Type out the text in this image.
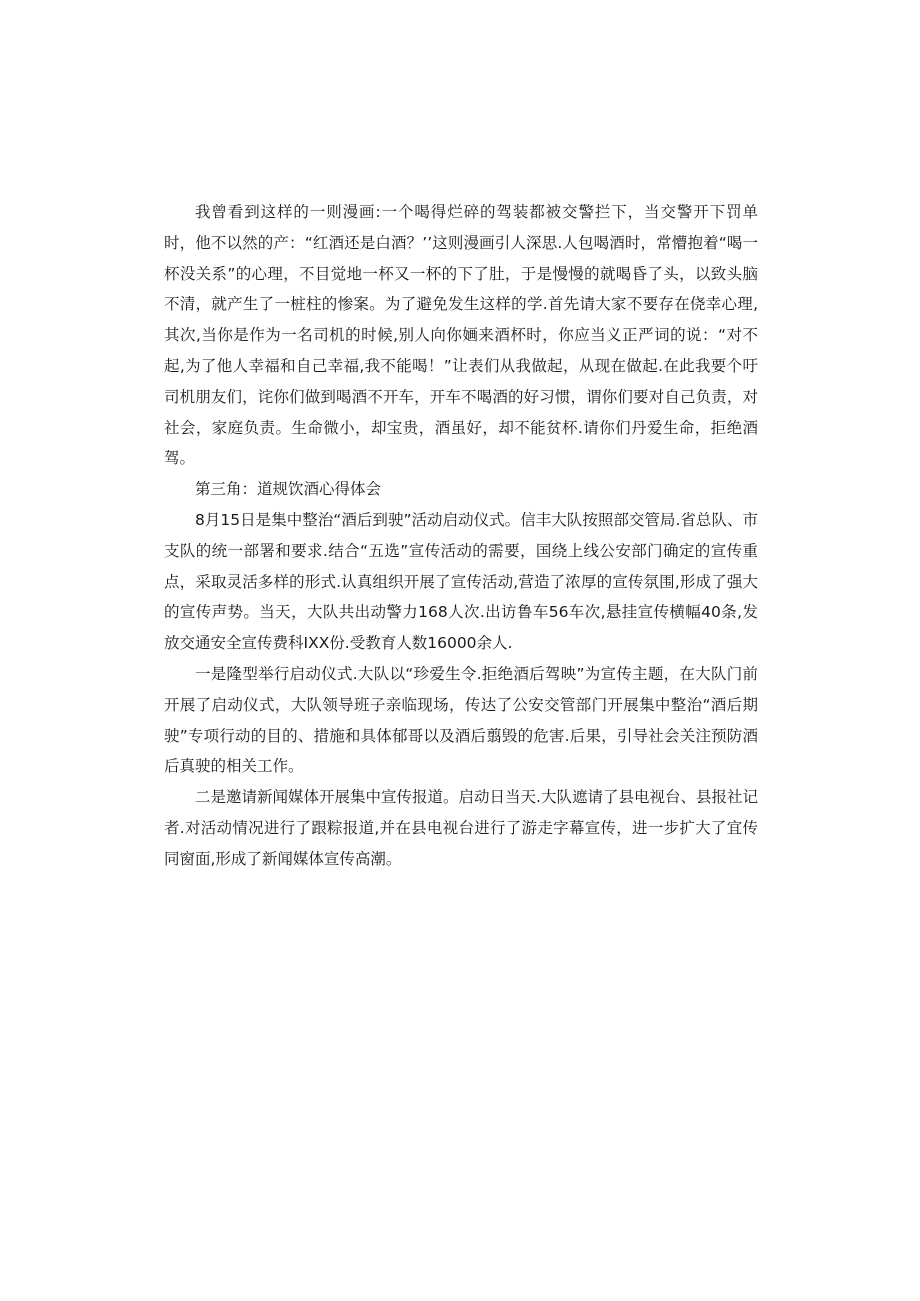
我曾看到这样的一则漫画:一个喝得烂碎的驾装都被交警拦下，当交警开下罚单时，他不以然的产：“红酒还是白酒？’’这则漫画引人深思.人包喝酒时，常懵抱着“喝一杯没关系”的心理，不目觉地一杯又一杯的下了肚，于是慢慢的就喝昏了头，以致头脑不清，就产生了一桩柱的惨案。为了避免发生这样的学.首先请大家不要存在侥幸心理,其次,当你是作为一名司机的时候,别人向你婳来酒杯时，你应当义正严词的说：“对不起,为了他人幸福和自己幸福,我不能喝！”让表们从我做起，从现在做起.在此我要个吁司机朋友们，诧你们做到喝酒不开车，开车不喝酒的好习惯，谓你们要对自己负责，对社会，家庭负责。生命微小，却宝贵，酒虽好，却不能贫杯.请你们丹爱生命，拒绝酒驾。

第三角：道规饮酒心得体会

8月15日是集中整治“酒后到驶”活动启动仪式。信丰大队按照部交管局.省总队、市支队的统一部署和要求.结合“五选”宣传活动的需要，国绕上线公安部门确定的宣传重点，采取灵活多样的形式.认真组织开展了宣传活动,营造了浓厚的宣传氛围,形成了强大的宣传声势。当天，大队共出动警力168人次.出访鲁车56车次,悬挂宣传横幅40条,发放交通安全宣传费科IXX份.受教育人数16000余人.

一是隆型举行启动仪式.大队以“珍爱生令.拒绝酒后驾映”为宣传主题，在大队门前开展了启动仪式，大队领导班子亲临现场，传达了公安交管部门开展集中整治“酒后期驶”专项行动的目的、措施和具体郁哥以及酒后翦毁的危害.后果，引导社会关注预防酒后真驶的相关工作。

二是邀请新闻媒体开展集中宣传报道。启动日当天.大队遮请了县电视台、县报社记者.对活动情况进行了跟粽报道,并在县电视台进行了游走字幕宣传，进一步扩大了宜传同窗面,形成了新闻媒体宣传高潮。
